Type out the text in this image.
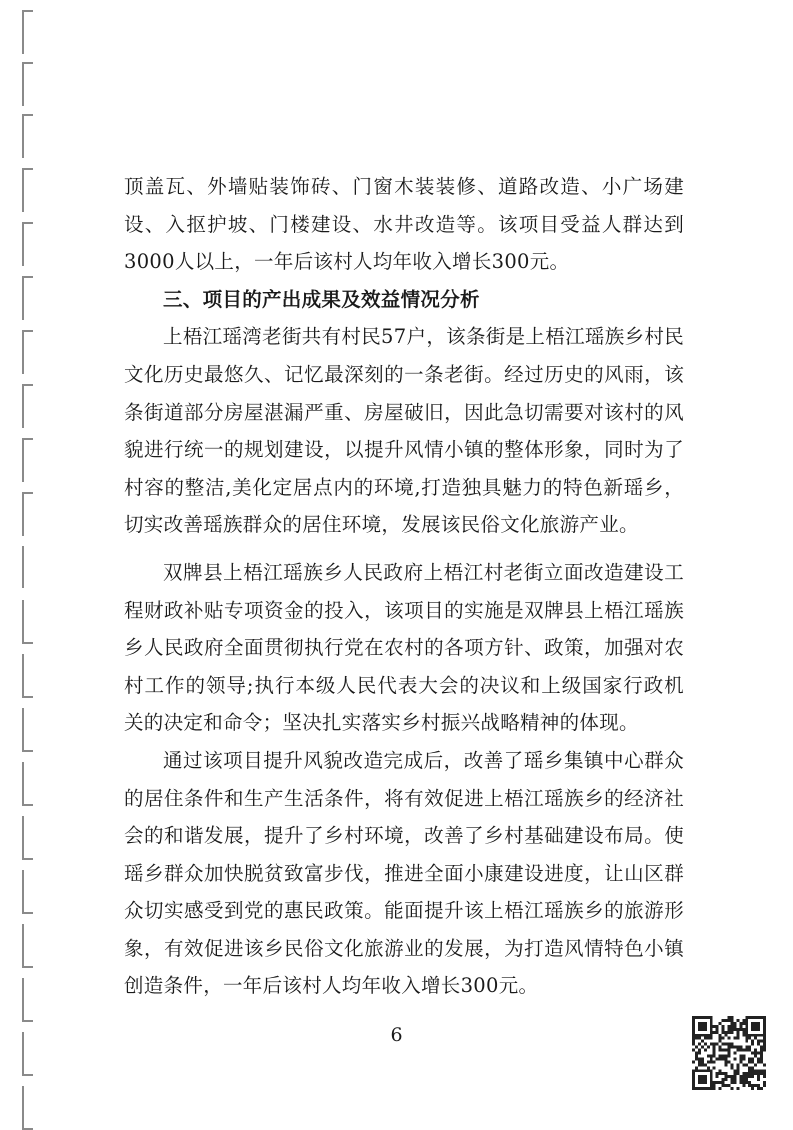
顶盖瓦、外墙贴装饰砖、门窗木装装修、道路改造、小广场建设、入抠护坡、门楼建设、水井改造等。该项目受益人群达到3000人以上，一年后该村人均年收入增长300元。

三、项目的产出成果及效益情况分析

上梧江瑶湾老街共有村民57户，该条街是上梧江瑶族乡村民文化历史最悠久、记忆最深刻的一条老街。经过历史的风雨，该条街道部分房屋湛漏严重、房屋破旧，因此急切需要对该村的风貌进行统一的规划建设，以提升风情小镇的整体形象，同时为了村容的整洁,美化定居点内的环境,打造独具魅力的特色新瑶乡，切实改善瑶族群众的居住环境，发展该民俗文化旅游产业。

双牌县上梧江瑶族乡人民政府上梧江村老街立面改造建设工程财政补贴专项资金的投入，该项目的实施是双牌县上梧江瑶族乡人民政府全面贯彻执行党在农村的各项方针、政策，加强对农村工作的领导;执行本级人民代表大会的决议和上级国家行政机关的决定和命令；坚决扎实落实乡村振兴战略精神的体现。

通过该项目提升风貌改造完成后，改善了瑶乡集镇中心群众的居住条件和生产生活条件，将有效促进上梧江瑶族乡的经济社会的和谐发展，提升了乡村环境，改善了乡村基础建设布局。使瑶乡群众加快脱贫致富步伐，推进全面小康建设进度，让山区群众切实感受到党的惠民政策。能面提升该上梧江瑶族乡的旅游形象，有效促进该乡民俗文化旅游业的发展，为打造风情特色小镇创造条件，一年后该村人均年收入增长300元。

6
